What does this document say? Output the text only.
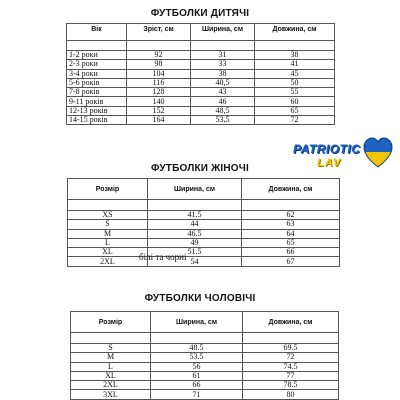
ФУТБОЛКИ ДИТЯЧІ
Вік	Зріст, см	Ширина, см	Довжина, см

1-2 роки	92	31	38
2-3 роки	98	33	41
3-4 роки	104	38	45
5-6 років	116	40,5	50
7-8 років	128	43	55
9-11 років	140	46	60
12-13 років	152	48,5	65
14-15 років	164	53,5	72
PATRIOTIC
LAV
ФУТБОЛКИ ЖІНОЧІ
Розмір	Ширина, см	Довжина, см

XS	41.5	62
S	44	63
M	46.5	64
L	49	65
XL	51.5	66
2XL	54	67
білі та чорні
ФУТБОЛКИ ЧОЛОВІЧІ
Розмір	Ширина, см	Довжина, см

S	48.5	69.5
M	53.5	72
L	56	74.5
XL	61	77
2XL	66	78.5
3XL	71	80
